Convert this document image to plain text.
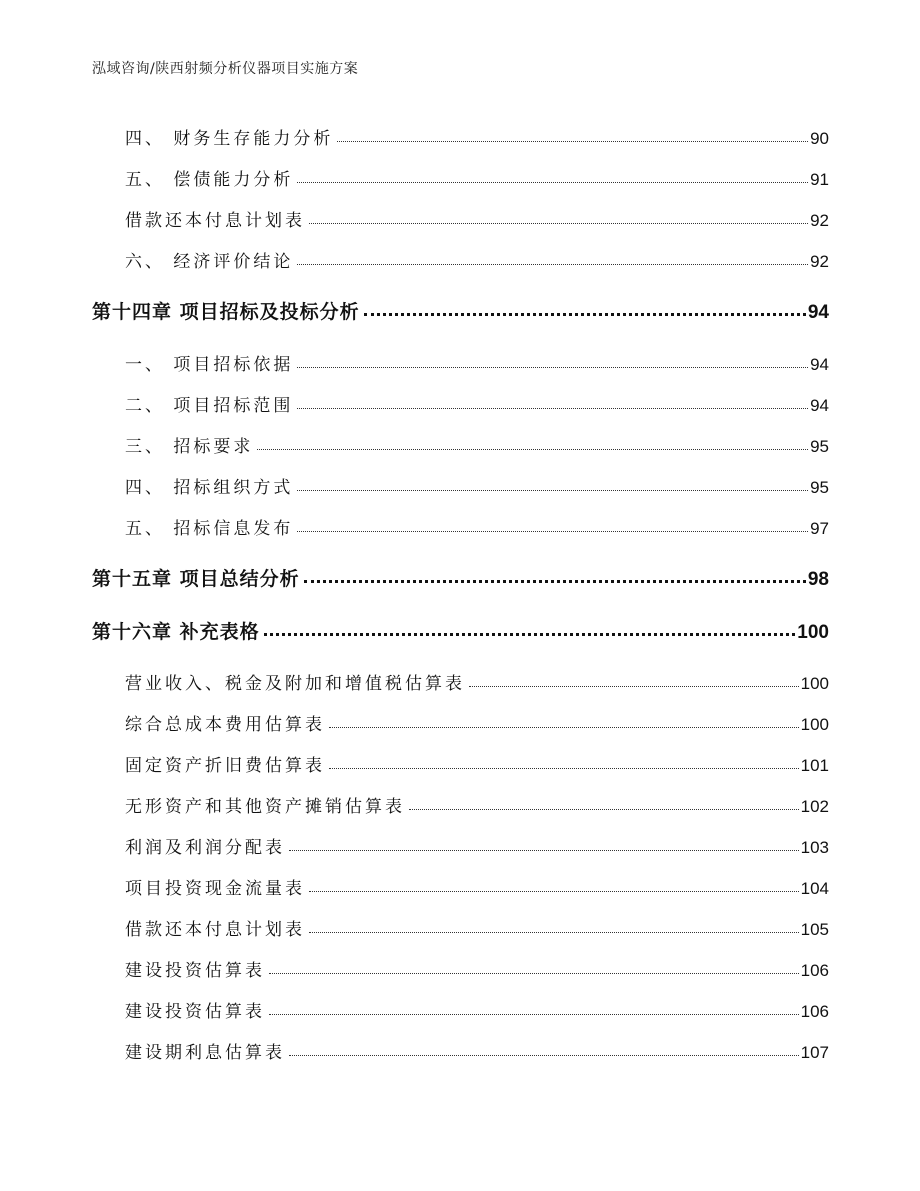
泓域咨询/陕西射频分析仪器项目实施方案
四、 财务生存能力分析	90
五、 偿债能力分析	91
借款还本付息计划表	92
六、 经济评价结论	92
第十四章 项目招标及投标分析	94
一、 项目招标依据	94
二、 项目招标范围	94
三、 招标要求	95
四、 招标组织方式	95
五、 招标信息发布	97
第十五章 项目总结分析	98
第十六章 补充表格	100
营业收入、税金及附加和增值税估算表	100
综合总成本费用估算表	100
固定资产折旧费估算表	101
无形资产和其他资产摊销估算表	102
利润及利润分配表	103
项目投资现金流量表	104
借款还本付息计划表	105
建设投资估算表	106
建设投资估算表	106
建设期利息估算表	107
